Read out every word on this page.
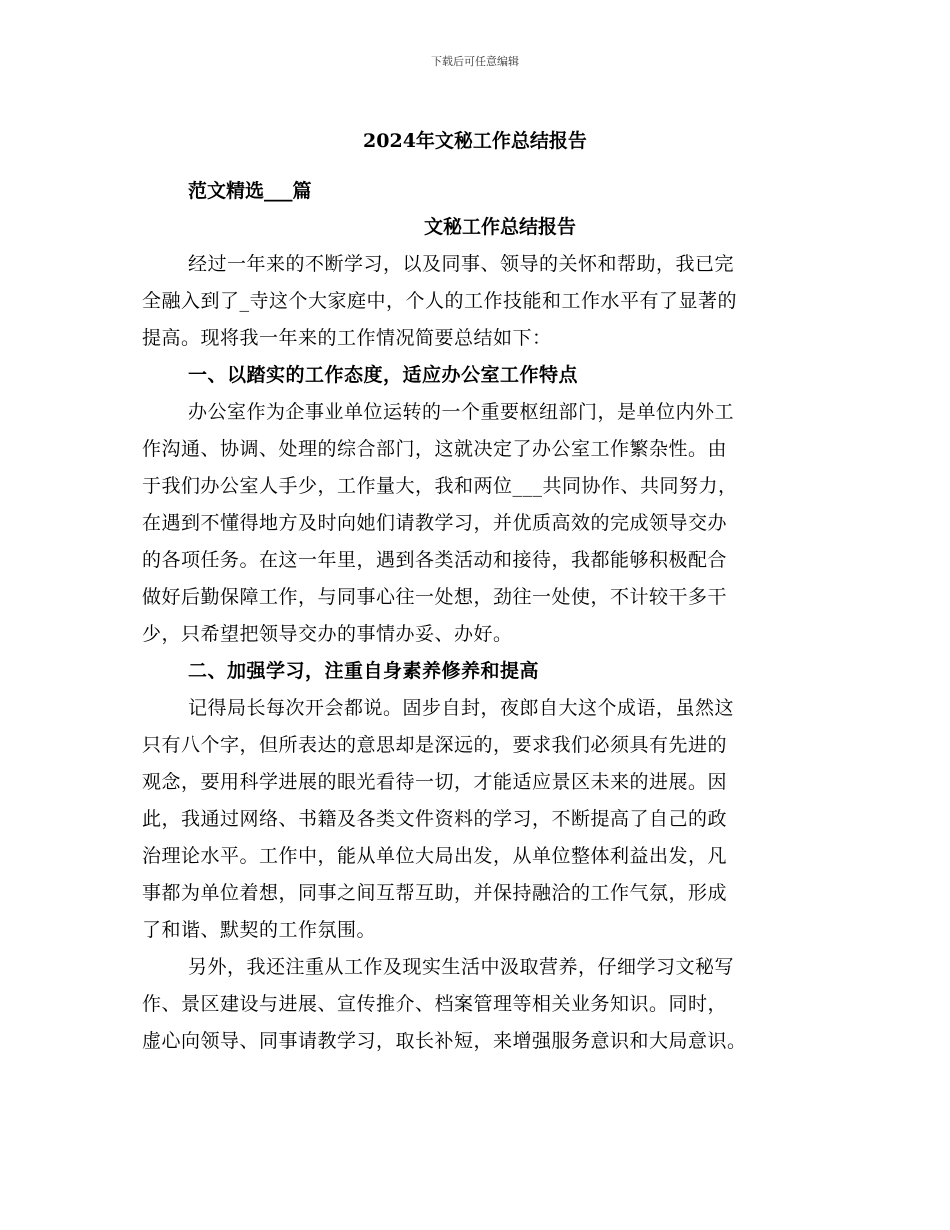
下载后可任意编辑
2024年文秘工作总结报告
范文精选___篇
文秘工作总结报告
经过一年来的不断学习，以及同事、领导的关怀和帮助，我已完
全融入到了_寺这个大家庭中，个人的工作技能和工作水平有了显著的
提高。现将我一年来的工作情况简要总结如下：
一、以踏实的工作态度，适应办公室工作特点
办公室作为企事业单位运转的一个重要枢纽部门，是单位内外工
作沟通、协调、处理的综合部门，这就决定了办公室工作繁杂性。由
于我们办公室人手少，工作量大，我和两位___共同协作、共同努力，
在遇到不懂得地方及时向她们请教学习，并优质高效的完成领导交办
的各项任务。在这一年里，遇到各类活动和接待，我都能够积极配合
做好后勤保障工作，与同事心往一处想，劲往一处使，不计较干多干
少，只希望把领导交办的事情办妥、办好。
二、加强学习，注重自身素养修养和提高
记得局长每次开会都说。固步自封，夜郎自大这个成语，虽然这
只有八个字，但所表达的意思却是深远的，要求我们必须具有先进的
观念，要用科学进展的眼光看待一切，才能适应景区未来的进展。因
此，我通过网络、书籍及各类文件资料的学习，不断提高了自己的政
治理论水平。工作中，能从单位大局出发，从单位整体利益出发，凡
事都为单位着想，同事之间互帮互助，并保持融洽的工作气氛，形成
了和谐、默契的工作氛围。
另外，我还注重从工作及现实生活中汲取营养，仔细学习文秘写
作、景区建设与进展、宣传推介、档案管理等相关业务知识。同时，
虚心向领导、同事请教学习，取长补短，来增强服务意识和大局意识。
